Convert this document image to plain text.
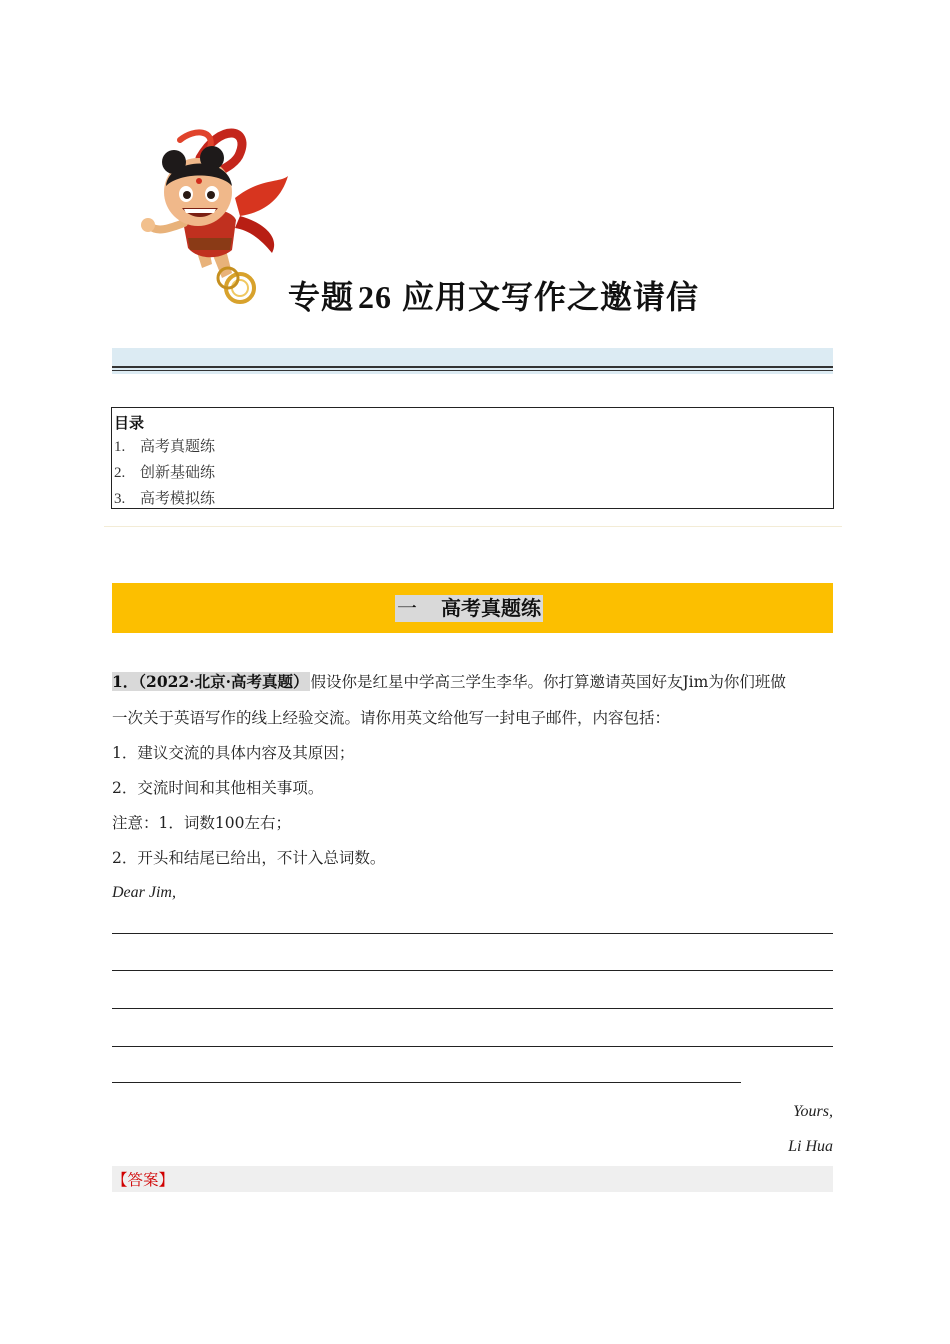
专题 26 应用文写作之邀请信
目录
1. 高考真题练
2. 创新基础练
3. 高考模拟练
一 高考真题练
1．（2022·北京·高考真题） 假设你是红星中学高三学生李华。你打算邀请英国好友Jim为你们班做
一次关于英语写作的线上经验交流。请你用英文给他写一封电子邮件，内容包括：
1．建议交流的具体内容及其原因；
2．交流时间和其他相关事项。
注意：1．词数100左右；
2．开头和结尾已给出，不计入总词数。
Dear Jim,
Yours,
Li Hua
【答案】
